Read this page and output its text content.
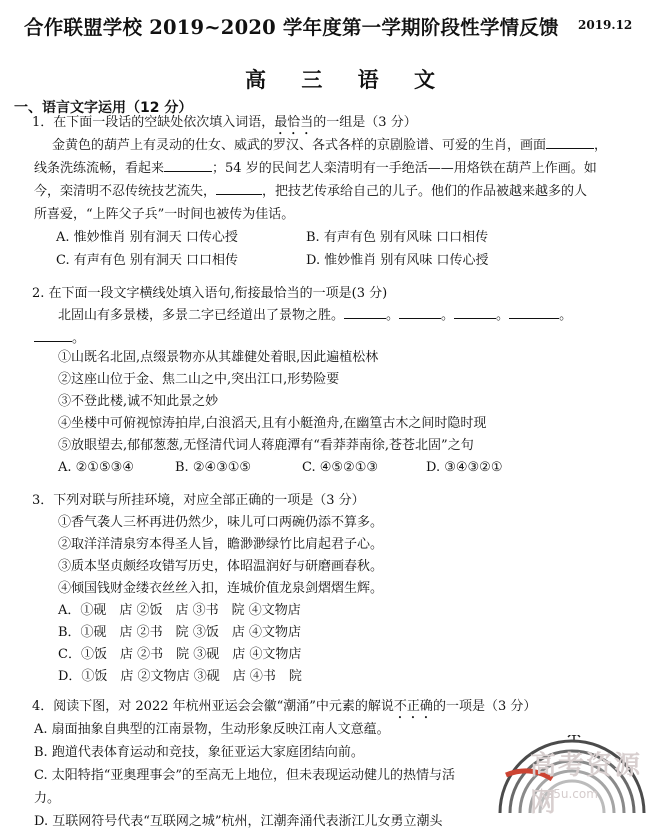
合作联盟学校 2019~2020 学年度第一学期阶段性学情反馈 2019.12
高 三 语 文
一、语言文字运用（12 分）
1．在下面一段话的空缺处依次填入词语，最恰当的一组是（3 分）
金黄色的葫芦上有灵动的仕女、威武的罗汉、各式各样的京剧脸谱、可爱的生肖，画面	，
线条洗练流畅，看起来	；54 岁的民间艺人栾清明有一手绝活——用烙铁在葫芦上作画。如
今，栾清明不忍传统技艺流失，	，把技艺传承给自己的儿子。他们的作品被越来越多的人
所喜爱，“上阵父子兵”一时间也被传为佳话。
A. 惟妙惟肖 别有洞天 口传心授	B. 有声有色 别有风味 口口相传
C. 有声有色 别有洞天 口口相传	D. 惟妙惟肖 别有风味 口传心授
2. 在下面一段文字横线处填入语句,衔接最恰当的一项是(3 分)
北固山有多景楼，多景二字已经道出了景物之胜。	。	。	。	。
。
①山既名北固,点缀景物亦从其雄健处着眼,因此遍植松林
②这座山位于金、焦二山之中,突出江口,形势险要
③不登此楼,诚不知此景之妙
④坐楼中可俯视惊涛拍岸,白浪滔天,且有小艇渔舟,在幽篁古木之间时隐时现
⑤放眼望去,郁郁葱葱,无怪清代词人蒋鹿潭有“看莽莽南徐,苍苍北固”之句
A. ②①⑤③④	B. ②④③①⑤	C. ④⑤②①③	D. ③④③②①
3．下列对联与所挂环境，对应全部正确的一项是（3 分）
①香气袭人三杯再进仍然少，味儿可口两碗仍添不算多。
②取洋洋清泉穷本得圣人旨，瞻渺渺绿竹比肩起君子心。
③质本坚贞颇经攻错写历史，体昭温润好与研磨画春秋。
④倾国钱财金缕衣丝丝入扣，连城价值龙泉剑熠熠生辉。
A．①砚　店 ②饭　店 ③书　院 ④文物店
B．①砚　店 ②书　院 ③饭　店 ④文物店
C．①饭　店 ②书　院 ③砚　店 ④文物店
D．①饭　店 ②文物店 ③砚　店 ④书　院
4．阅读下图，对 2022 年杭州亚运会会徽“潮涌”中元素的解说不正确的一项是（3 分）
A. 扇面抽象自典型的江南景物，生动形象反映江南人文意蕴。
B. 跑道代表体育运动和竞技，象征亚运大家庭团结向前。
C. 太阳特指“亚奥理事会”的至高无上地位，但未表现运动健儿的热情与活
力。
D. 互联网符号代表“互联网之城”杭州，江潮奔涌代表浙江儿女勇立潮头
高考资源网
ks5u.com
